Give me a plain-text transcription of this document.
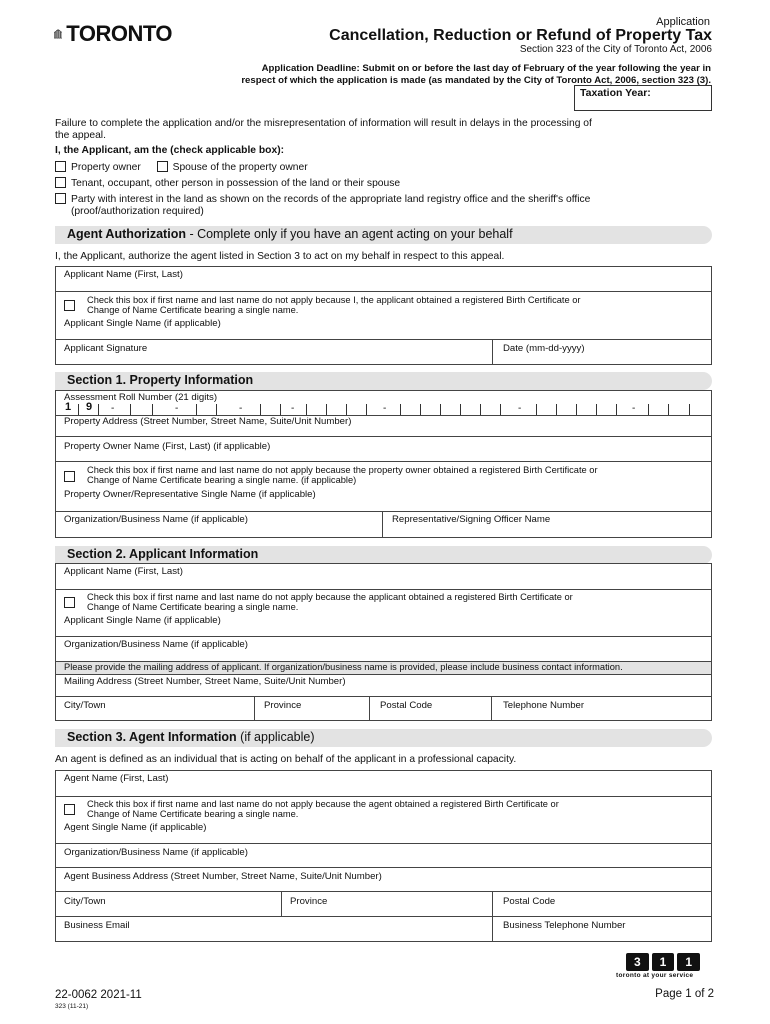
TORONTO	Application
Cancellation, Reduction or Refund of Property Tax
Section 323 of the City of Toronto Act, 2006
Application Deadline: Submit on or before the last day of February of the year following the year in
respect of which the application is made (as mandated by the City of Toronto Act, 2006, section 323 (3).
Taxation Year:
Failure to complete the application and/or the misrepresentation of information will result in delays in the processing of
the appeal.
I, the Applicant, am the (check applicable box):
Property owner	Spouse of the property owner
Tenant, occupant, other person in possession of the land or their spouse
Party with interest in the land as shown on the records of the appropriate land registry office and the sheriff's office
(proof/authorization required)
Agent Authorization - Complete only if you have an agent acting on your behalf
I, the Applicant, authorize the agent listed in Section 3 to act on my behalf in respect to this appeal.
Applicant Name (First, Last)
Check this box if first name and last name do not apply because I, the applicant obtained a registered Birth Certificate or
Change of Name Certificate bearing a single name.
Applicant Single Name (if applicable)
Applicant Signature	Date (mm-dd-yyyy)
Section 1. Property Information
Assessment Roll Number (21 digits)
1 9 -	-	-	-	-	-	-
Property Address (Street Number, Street Name, Suite/Unit Number)
Property Owner Name (First, Last) (if applicable)
Check this box if first name and last name do not apply because the property owner obtained a registered Birth Certificate or
Change of Name Certificate bearing a single name. (if applicable)
Property Owner/Representative Single Name (if applicable)
Organization/Business Name (if applicable)	Representative/Signing Officer Name
Section 2. Applicant Information
Applicant Name (First, Last)
Check this box if first name and last name do not apply because the applicant obtained a registered Birth Certificate or
Change of Name Certificate bearing a single name.
Applicant Single Name (if applicable)
Organization/Business Name (if applicable)
Please provide the mailing address of applicant. If organization/business name is provided, please include business contact information.
Mailing Address (Street Number, Street Name, Suite/Unit Number)
City/Town	Province	Postal Code	Telephone Number
Section 3. Agent Information (if applicable)
An agent is defined as an individual that is acting on behalf of the applicant in a professional capacity.
Agent Name (First, Last)
Check this box if first name and last name do not apply because the agent obtained a registered Birth Certificate or
Change of Name Certificate bearing a single name.
Agent Single Name (if applicable)
Organization/Business Name (if applicable)
Agent Business Address (Street Number, Street Name, Suite/Unit Number)
City/Town	Province	Postal Code
Business Email	Business Telephone Number
3	1	1
toronto at your service
22-0062 2021-11
323 (11-21)
Page 1 of 2
